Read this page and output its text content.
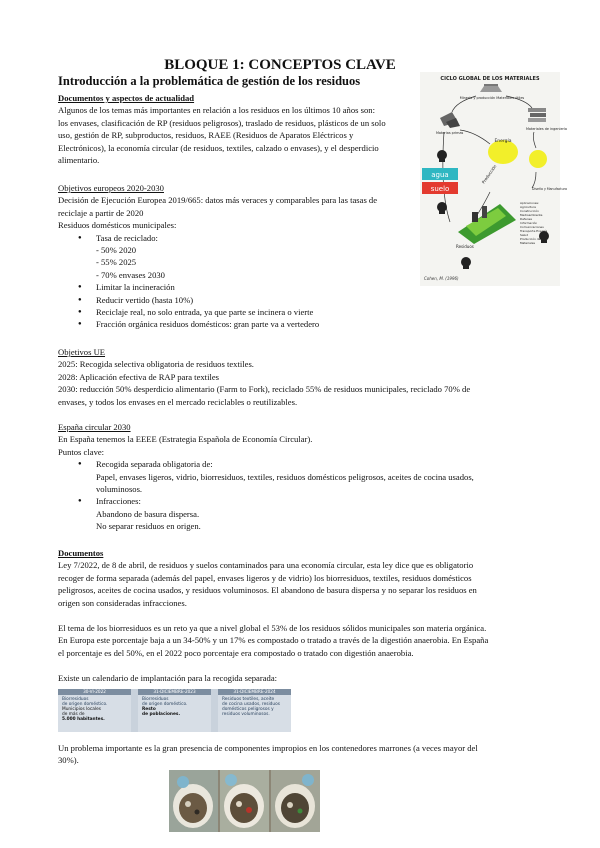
BLOQUE 1: CONCEPTOS CLAVE
Introducción a la problemática de gestión de los residuos
Documentos y aspectos de actualidad
Algunos de los temas más importantes en relación a los residuos en los últimos 10 años son:
los envases, clasificación de RP (residuos peligrosos), traslado de residuos, plásticos de un solo
uso, gestión de RP, subproductos, residuos, RAEE (Residuos de Aparatos Eléctricos y
Electrónicos), la economía circular (de residuos, textiles, calzado o envases), y el desperdicio
alimentario.
Objetivos europeos 2020-2030
Decisión de Ejecución Europea 2019/665: datos más veraces y comparables para las tasas de
reciclaje a partir de 2020
Residuos domésticos municipales:
● Tasa de reciclado:
- 50% 2020
- 55% 2025
- 70% envases 2030
● Limitar la incineración
● Reducir vertido (hasta 10%)
● Reciclaje real, no solo entrada, ya que parte se incinera o vierte
● Fracción orgánica residuos domésticos: gran parte va a vertedero
Objetivos UE
2025: Recogida selectiva obligatoria de residuos textiles.
2028: Aplicación efectiva de RAP para textiles
2030: reducción 50% desperdicio alimentario (Farm to Fork), reciclado 55% de residuos municipales, reciclado 70% de
envases, y todos los envases en el mercado reciclables o reutilizables.
España circular 2030
En España tenemos la EEEE (Estrategia Española de Economía Circular).
Puntos clave:
● Recogida separada obligatoria de:
Papel, envases ligeros, vidrio, biorresiduos, textiles, residuos domésticos peligrosos, aceites de cocina usados,
voluminosos.
● Infracciones:
Abandono de basura dispersa.
No separar residuos en origen.
Documentos
Ley 7/2022, de 8 de abril, de residuos y suelos contaminados para una economía circular, esta ley dice que es obligatorio
recoger de forma separada (además del papel, envases ligeros y de vidrio) los biorresiduos, textiles, residuos domésticos
peligrosos, aceites de cocina usados, y residuos voluminosos. El abandono de basura dispersa y no separar los residuos en
origen son consideradas infracciones.
El tema de los biorresiduos es un reto ya que a nivel global el 53% de los residuos sólidos municipales son materia orgánica.
En Europa este porcentaje baja a un 34-50% y un 17% es compostado o tratado a través de la digestión anaerobia. En España
el porcentaje es del 50%, en el 2022 poco porcentaje era compostado o tratado con digestión anaerobia.
Existe un calendario de implantación para la recogida separada:
30-VI-2022
Biorresiduos
de origen doméstico.
Municipios locales
de más de
5.000 habitantes.
31-DICIEMBRE-2023
Biorresiduos
de origen doméstico.
Resto
de poblaciones.
31-DICIEMBRE-2024
Residuos textiles, aceite
de cocina usados, residuos
domésticos peligrosos y
residuos voluminosos.
Un problema importante es la gran presencia de componentes impropios en los contenedores marrones (a veces mayor del
30%).
CICLO GLOBAL DE LOS MATERIALES
Minería y producción Materiales útiles
Materias primas
Materiales de ingeniería
Energía
agua
suelo
Producción
Diseño y Manufactura
Residuos
Aplicaciones: Agricultura Construcción Medioambiente Defensa Información Comunicaciones Transporte Energía Salud Producción de Materiales
Cohen, M. (1996)
